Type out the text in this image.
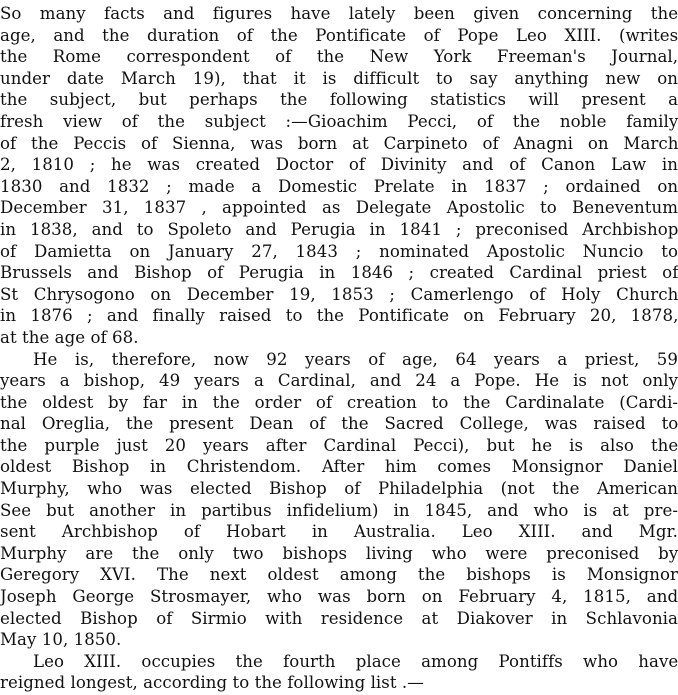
So many facts and figures have lately been given concerning the
age, and the duration of the Pontificate of Pope Leo XIII. (writes
the Rome correspondent of the New York Freeman's Journal,
under date March 19), that it is difficult to say anything new on
the subject, but perhaps the following statistics will present a
fresh view of the subject :—Gioachim Pecci, of the noble family
of the Peccis of Sienna, was born at Carpineto of Anagni on March
2, 1810 ; he was created Doctor of Divinity and of Canon Law in
1830 and 1832 ; made a Domestic Prelate in 1837 ; ordained on
December 31, 1837 , appointed as Delegate Apostolic to Beneventum
in 1838, and to Spoleto and Perugia in 1841 ; preconised Archbishop
of Damietta on January 27, 1843 ; nominated Apostolic Nuncio to
Brussels and Bishop of Perugia in 1846 ; created Cardinal priest of
St Chrysogono on December 19, 1853 ; Camerlengo of Holy Church
in 1876 ; and finally raised to the Pontificate on February 20, 1878,
at the age of 68.
He is, therefore, now 92 years of age, 64 years a priest, 59
years a bishop, 49 years a Cardinal, and 24 a Pope. He is not only
the oldest by far in the order of creation to the Cardinalate (Cardi-
nal Oreglia, the present Dean of the Sacred College, was raised to
the purple just 20 years after Cardinal Pecci), but he is also the
oldest Bishop in Christendom. After him comes Monsignor Daniel
Murphy, who was elected Bishop of Philadelphia (not the American
See but another in partibus infidelium) in 1845, and who is at pre-
sent Archbishop of Hobart in Australia. Leo XIII. and Mgr.
Murphy are the only two bishops living who were preconised by
Geregory XVI. The next oldest among the bishops is Monsignor
Joseph George Strosmayer, who was born on February 4, 1815, and
elected Bishop of Sirmio with residence at Diakover in Schlavonia
May 10, 1850.
Leo XIII. occupies the fourth place among Pontiffs who have
reigned longest, according to the following list .—
